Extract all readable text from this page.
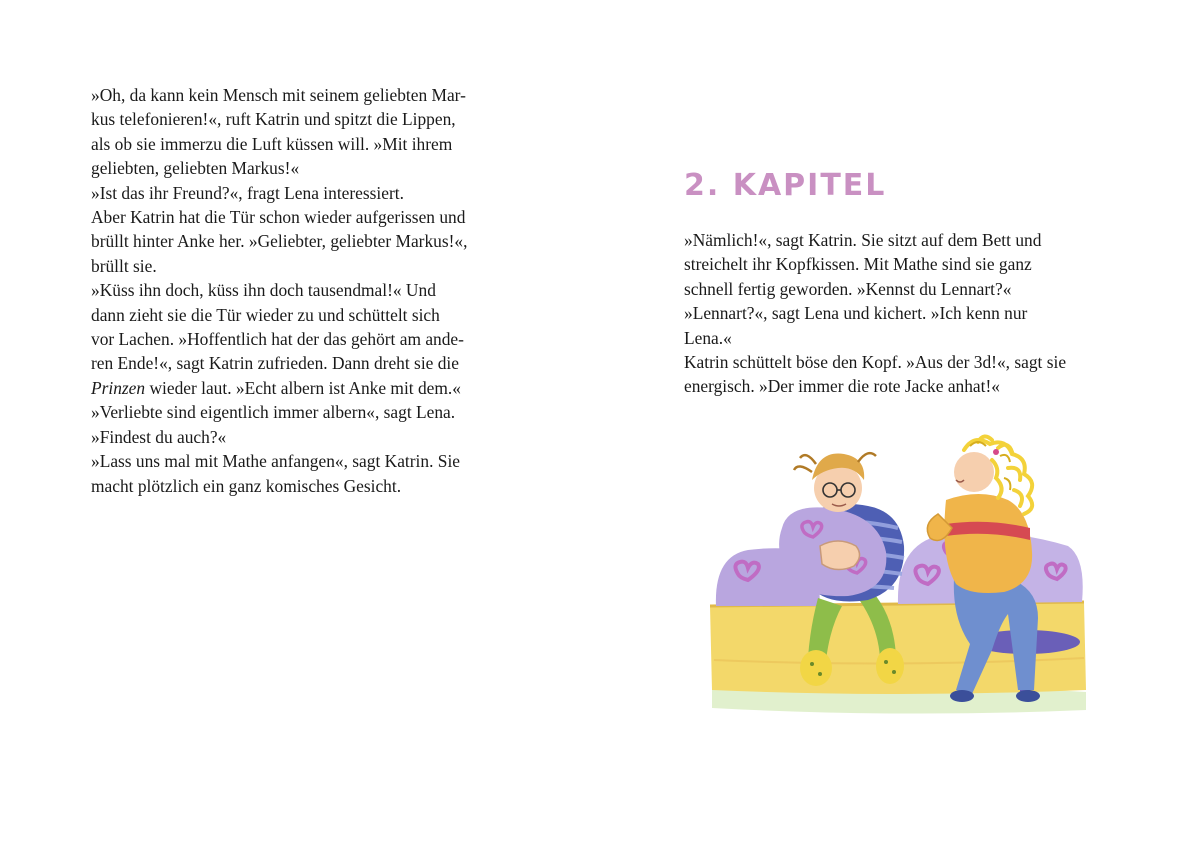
»Oh, da kann kein Mensch mit seinem geliebten Mar-
kus telefonieren!«, ruft Katrin und spitzt die Lippen,
als ob sie immerzu die Luft küssen will. »Mit ihrem
geliebten, geliebten Markus!«
»Ist das ihr Freund?«, fragt Lena interessiert.
Aber Katrin hat die Tür schon wieder aufgerissen und
brüllt hinter Anke her. »Geliebter, geliebter Markus!«,
brüllt sie.
»Küss ihn doch, küss ihn doch tausendmal!« Und
dann zieht sie die Tür wieder zu und schüttelt sich
vor Lachen. »Hoffentlich hat der das gehört am ande-
ren Ende!«, sagt Katrin zufrieden. Dann dreht sie die
Prinzen wieder laut. »Echt albern ist Anke mit dem.«
»Verliebte sind eigentlich immer albern«, sagt Lena.
»Findest du auch?«
»Lass uns mal mit Mathe anfangen«, sagt Katrin. Sie
macht plötzlich ein ganz komisches Gesicht.
2. KAPITEL
»Nämlich!«, sagt Katrin. Sie sitzt auf dem Bett und
streichelt ihr Kopfkissen. Mit Mathe sind sie ganz
schnell fertig geworden. »Kennst du Lennart?«
»Lennart?«, sagt Lena und kichert. »Ich kenn nur
Lena.«
Katrin schüttelt böse den Kopf. »Aus der 3d!«, sagt sie
energisch. »Der immer die rote Jacke anhat!«
